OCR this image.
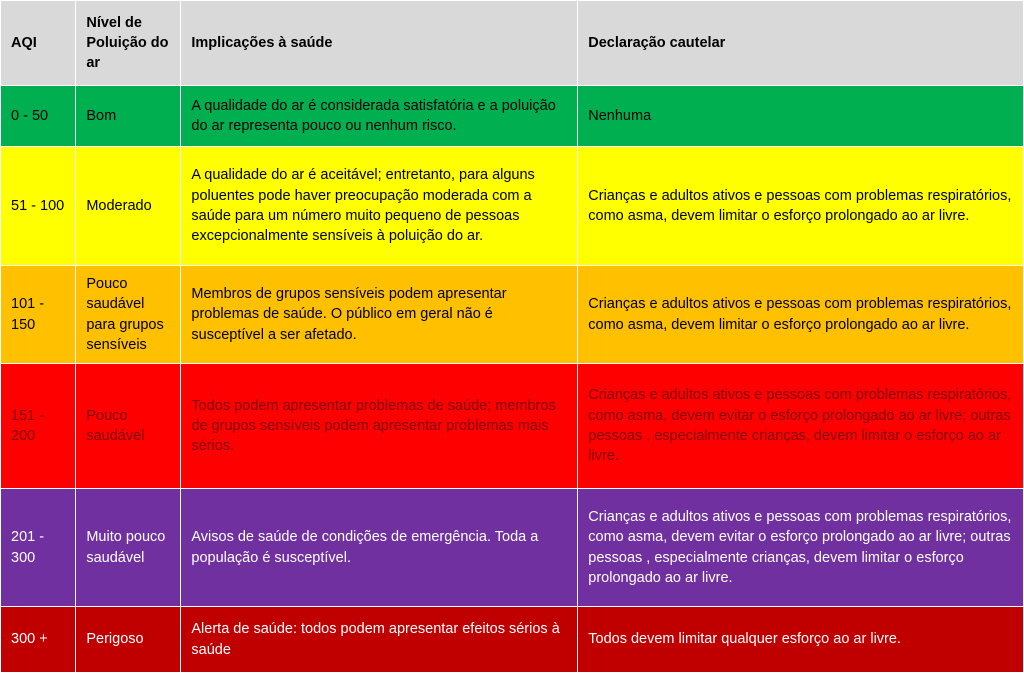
AQI	Nível de Poluição do ar	Implicações à saúde	Declaração cautelar
0 - 50	Bom	A qualidade do ar é considerada satisfatória e a poluição do ar representa pouco ou nenhum risco.	Nenhuma
51 - 100	Moderado	A qualidade do ar é aceitável; entretanto, para alguns poluentes pode haver preocupação moderada com a saúde para um número muito pequeno de pessoas excepcionalmente sensíveis à poluição do ar.	Crianças e adultos ativos e pessoas com problemas respiratórios, como asma, devem limitar o esforço prolongado ao ar livre.
101 - 150	Pouco saudável para grupos sensíveis	Membros de grupos sensíveis podem apresentar problemas de saúde. O público em geral não é susceptível a ser afetado.	Crianças e adultos ativos e pessoas com problemas respiratórios, como asma, devem limitar o esforço prolongado ao ar livre.
151 - 200	Pouco saudável	Todos podem apresentar problemas de saúde; membros de grupos sensíveis podem apresentar problemas mais sérios.	Crianças e adultos ativos e pessoas com problemas respiratórios, como asma, devem evitar o esforço prolongado ao ar livre; outras pessoas , especialmente crianças, devem limitar o esforço ao ar livre.
201 - 300	Muito pouco saudável	Avisos de saúde de condições de emergência. Toda a população é susceptível.	Crianças e adultos ativos e pessoas com problemas respiratórios, como asma, devem evitar o esforço prolongado ao ar livre; outras pessoas , especialmente crianças, devem limitar o esforço prolongado ao ar livre.
300 +	Perigoso	Alerta de saúde: todos podem apresentar efeitos sérios à saúde	Todos devem limitar qualquer esforço ao ar livre.
